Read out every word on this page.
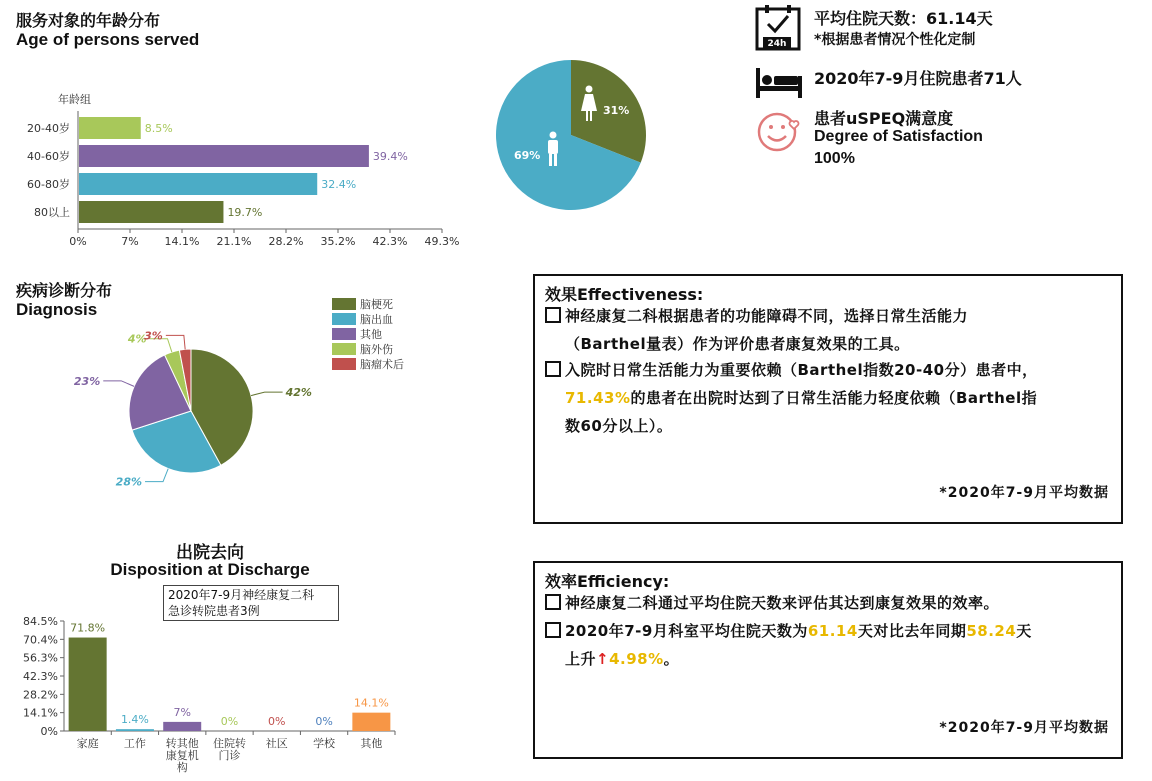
服务对象的年龄分布
Age of persons served
年龄组
20-40岁	8.5%
40-60岁	39.4%
60-80岁	32.4%
80以上	19.7%
0%	7% 14.1% 21.1% 28.2% 35.2% 42.3% 49.3%
31%
69%
24h
平均住院天数：61.14天
*根据患者情况个性化定制
2020年7-9月住院患者71人
患者uSPEQ满意度
Degree of Satisfaction
100%
疾病诊断分布
Diagnosis
42%
28%
23%
4%
3%
脑梗死
脑出血
其他
脑外伤
脑瘤术后
效果Effectiveness:
神经康复二科根据患者的功能障碍不同，选择日常生活能力
（Barthel量表）作为评价患者康复效果的工具。
入院时日常生活能力为重要依赖（Barthel指数20-40分）患者中，
71.43%的患者在出院时达到了日常生活能力轻度依赖（Barthel指
数60分以上）。
*2020年7-9月平均数据
出院去向
Disposition at Discharge
2020年7-9月神经康复二科
急诊转院患者3例
0%
14.1%
28.2%
42.3%
56.3%
70.4%
84.5%
71.8%
家庭
1.4%
工作
7%
转其他
康复机
构
0%
住院转
门诊
0%
社区
0%
学校
14.1%
其他
效率Efficiency:
神经康复二科通过平均住院天数来评估其达到康复效果的效率。
2020年7-9月科室平均住院天数为61.14天对比去年同期58.24天
上升↑4.98%。
*2020年7-9月平均数据
